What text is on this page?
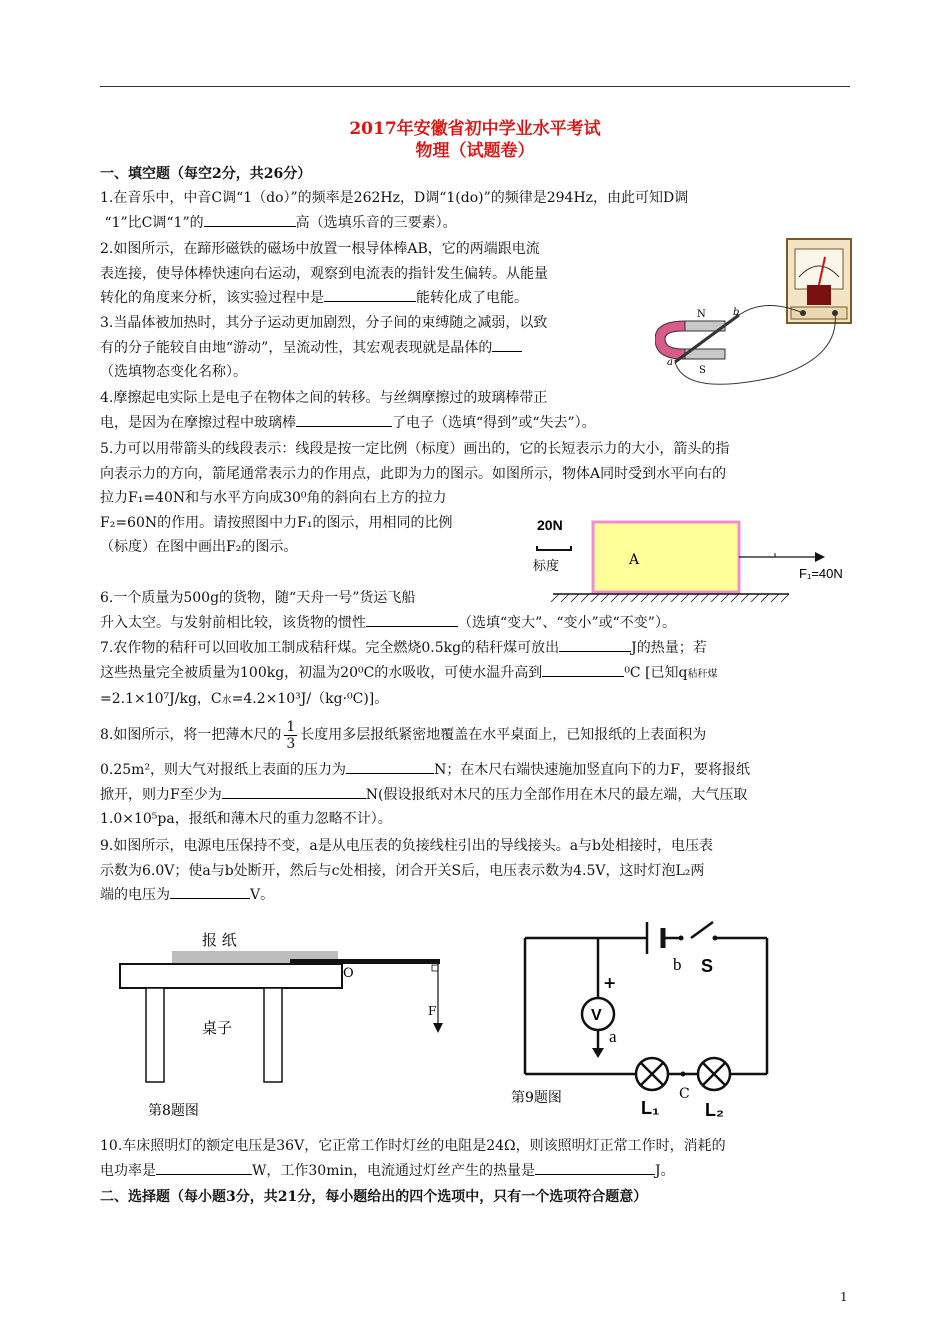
2017年安徽省初中学业水平考试
物理（试题卷）
一、填空题（每空2分，共26分）

1.在音乐中，中音C调“1（do）”的频率是262Hz，D调“1(do)”的频律是294Hz，由此可知D调

“1”比C调“1”的	高（选填乐音的三要素）。

2.如图所示，在蹄形磁铁的磁场中放置一根导体棒AB，它的两端跟电流

表连接，使导体棒快速向右运动，观察到电流表的指针发生偏转。从能量

转化的角度来分析，该实验过程中是	能转化成了电能。

3.当晶体被加热时，其分子运动更加剧烈，分子间的束缚随之减弱，以致

有的分子能较自由地“游动”，呈流动性，其宏观表现就是晶体的

（选填物态变化名称）。

N
S
a
b

4.摩擦起电实际上是电子在物体之间的转移。与丝绸摩擦过的玻璃棒带正

电，是因为在摩擦过程中玻璃棒	了电子（选填“得到”或“失去”）。

5.力可以用带箭头的线段表示：线段是按一定比例（标度）画出的，它的长短表示力的大小，箭头的指

向表示力的方向，箭尾通常表示力的作用点，此即为力的图示。如图所示，物体A同时受到水平向右的

拉力F₁=40N和与水平方向成30⁰角的斜向右上方的拉力

F₂=60N的作用。请按照图中力F₁的图示，用相同的比例

（标度）在图中画出F₂的图示。

20N
标度	A
F₁=40N

6.一个质量为500g的货物，随“天舟一号”货运飞船

升入太空。与发射前相比较，该货物的惯性	（选填“变大”、“变小”或“不变”）。

7.农作物的秸秆可以回收加工制成秸秆煤。完全燃烧0.5kg的秸秆煤可放出	J的热量；若

这些热量完全被质量为100kg，初温为20⁰C的水吸收，可使水温升高到	⁰C [已知q秸秆煤

=2.1×10⁷J/kg，C水=4.2×10³J/（kg·⁰C)]。

8.如图所示，将一把薄木尺的 $\frac{1}{3}$ 长度用多层报纸紧密地覆盖在水平桌面上，已知报纸的上表面积为

0.25m²，则大气对报纸上表面的压力为	N；在木尺右端快速施加竖直向下的力F，要将报纸

掀开，则力F至少为	N(假设报纸对木尺的压力全部作用在木尺的最左端，大气压取

1.0×10⁵pa，报纸和薄木尺的重力忽略不计）。

9.如图所示，电源电压保持不变，a是从电压表的负接线柱引出的导线接头。a与b处相接时，电压表

示数为6.0V；使a与b处断开，然后与c处相接，闭合开关S后，电压表示数为4.5V，这时灯泡L₂两

端的电压为	V。

报 纸
O
桌子
F
第8题图
b S
+
V
a
第9题图	L₁
C
L₂

10.车床照明灯的额定电压是36V，它正常工作时灯丝的电阻是24Ω，则该照明灯正常工作时，消耗的

电功率是	W，工作30min，电流通过灯丝产生的热量是	J。

二、选择题（每小题3分，共21分，每小题给出的四个选项中，只有一个选项符合题意）
1
